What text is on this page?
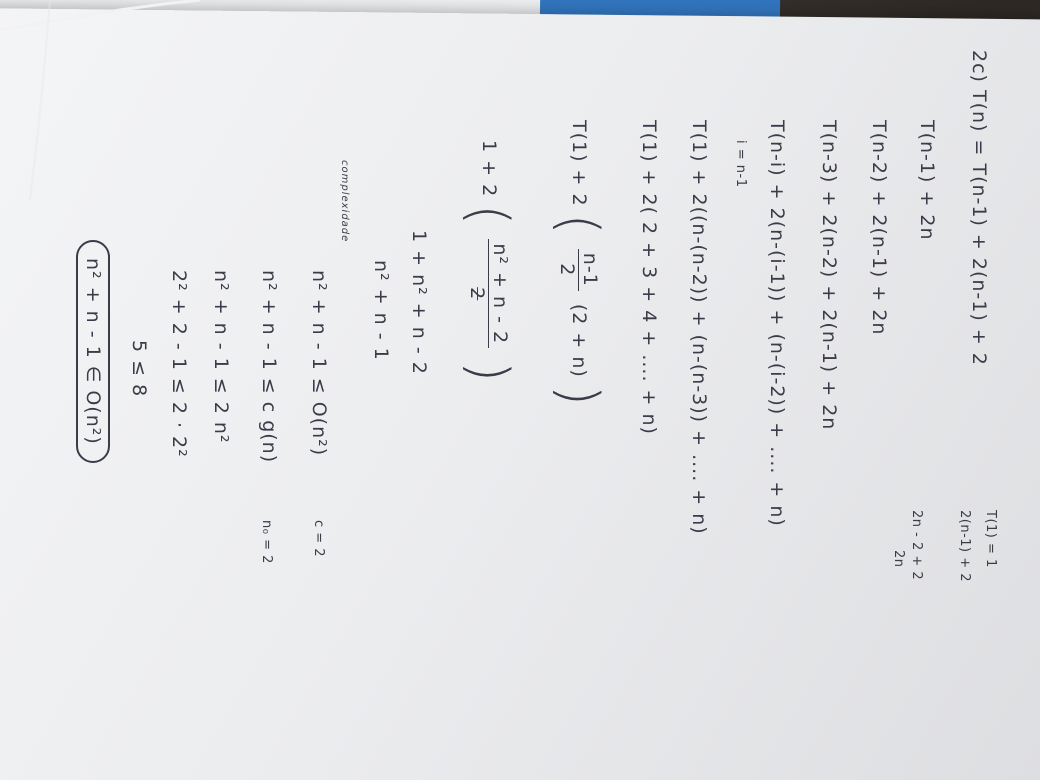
2c) T(n) = T(n-1) + 2(n-1) + 2
T(1) = 1
T(n-1) + 2n
2(n-1) + 2
T(n-2) + 2(n-1) + 2n
2n - 2 + 2
2n
T(n-3) + 2(n-2) + 2(n-1) + 2n
T(n-i) + 2(n-(i-1)) + (n-(i-2)) + .... + n)
i = n-1
T(1) + 2((n-(n-2)) + (n-(n-3)) + .... + n)
T(1) + 2( 2 + 3 + 4 + .... + n)
T(1) + 2 (
n-1
2
(2 + n) )
1 + 2 (
n² + n - 2
2
)
1 + n² + n - 2
n² + n - 1
complexidade
n² + n - 1 ≤ O(n²)
c = 2
n² + n - 1 ≤ c g(n)
n₀ = 2
n² + n - 1 ≤ 2 n²
2² + 2 - 1 ≤ 2 · 2²
5 ≤ 8
n² + n - 1 ∈ O(n²)
